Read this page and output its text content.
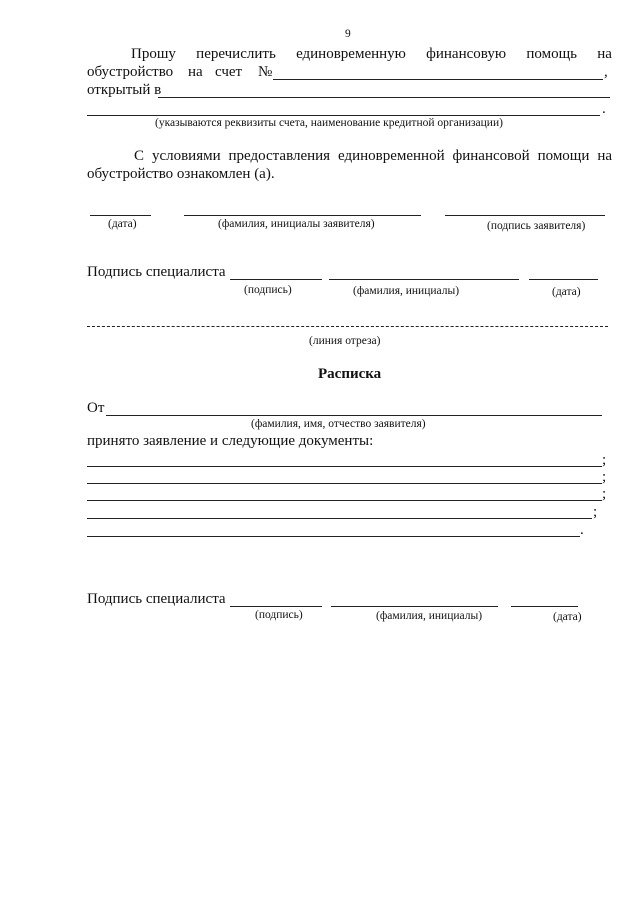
9
Прошу перечислить единовременную финансовую помощь на
обустройство на счет №	,
открытый в
.
(указываются реквизиты счета, наименование кредитной организации)
С условиями предоставления единовременной финансовой помощи на
обустройство ознакомлен (а).
(дата)	(фамилия, инициалы заявителя)	(подпись заявителя)
Подпись специалиста
(подпись)	(фамилия, инициалы)	(дата)
(линия отреза)
Расписка
От
(фамилия, имя, отчество заявителя)
принято заявление и следующие документы:
;
;
;
;
.
Подпись специалиста
(подпись)	(фамилия, инициалы)	(дата)
